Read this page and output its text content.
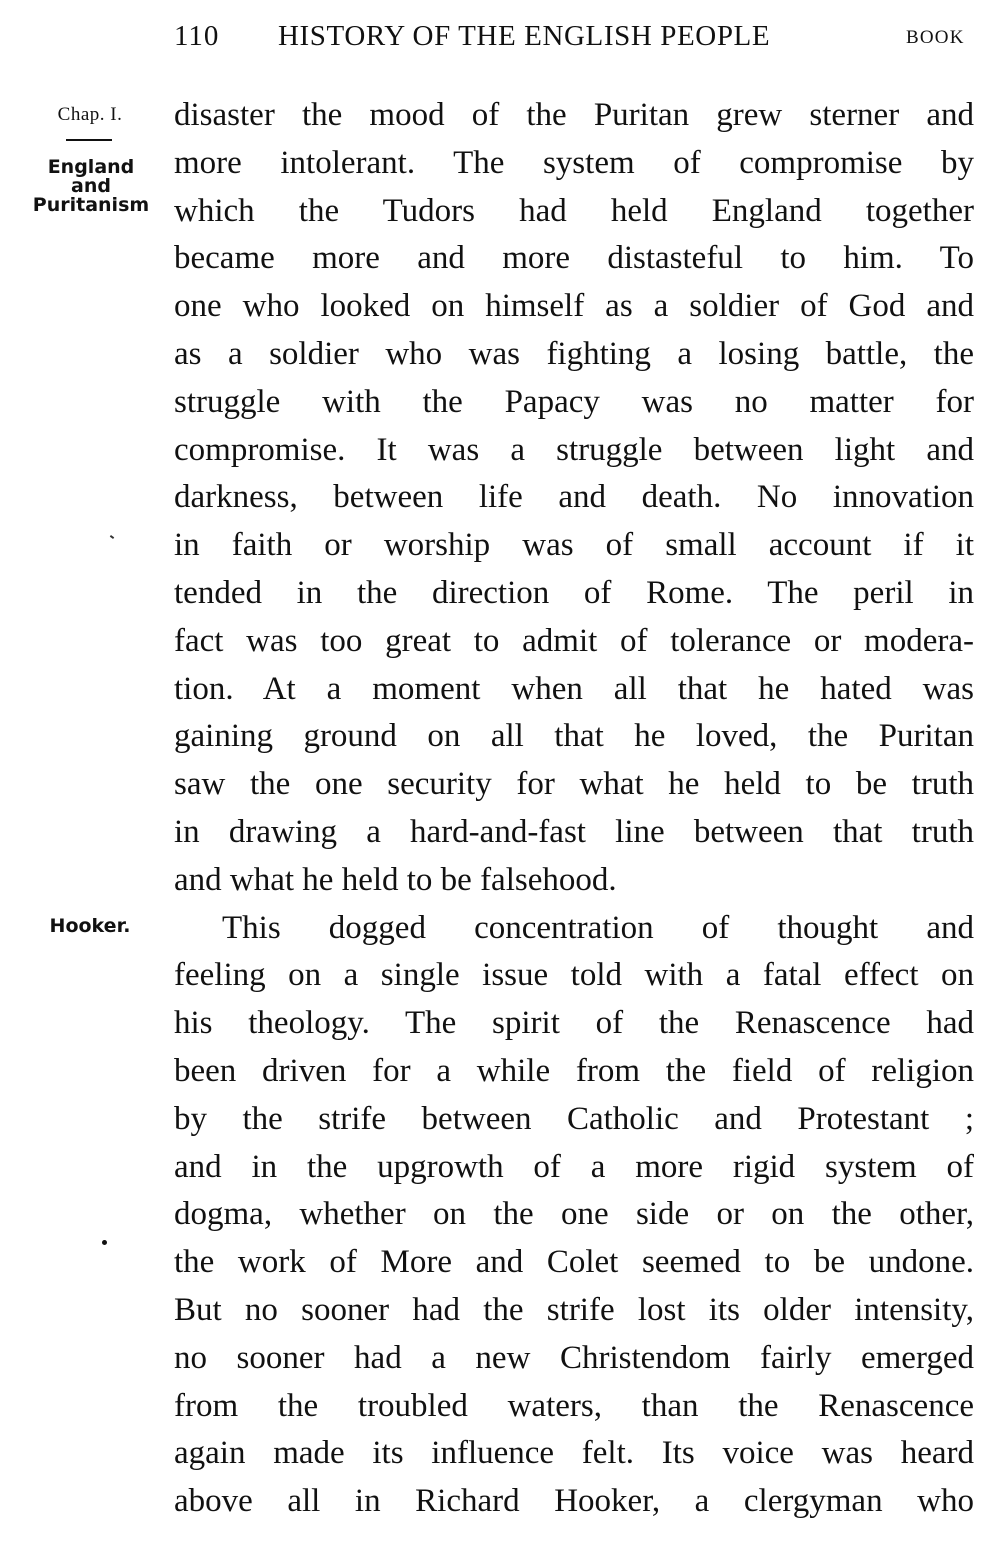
110 HISTORY OF THE ENGLISH PEOPLE	BOOK
Chap. I.
England
and
Puritanism
Hooker.
disaster the mood of the Puritan grew sterner and
more intolerant. The system of compromise by
which the Tudors had held England together
became more and more distasteful to him. To
one who looked on himself as a soldier of God and
as a soldier who was fighting a losing battle, the
struggle with the Papacy was no matter for
compromise. It was a struggle between light and
darkness, between life and death. No innovation
in faith or worship was of small account if it
tended in the direction of Rome. The peril in
fact was too great to admit of tolerance or modera-
tion. At a moment when all that he hated was
gaining ground on all that he loved, the Puritan
saw the one security for what he held to be truth
in drawing a hard-and-fast line between that truth
and what he held to be falsehood.
This dogged concentration of thought and
feeling on a single issue told with a fatal effect on
his theology. The spirit of the Renascence had
been driven for a while from the field of religion
by the strife between Catholic and Protestant ;
and in the upgrowth of a more rigid system of
dogma, whether on the one side or on the other,
the work of More and Colet seemed to be undone.
But no sooner had the strife lost its older intensity,
no sooner had a new Christendom fairly emerged
from the troubled waters, than the Renascence
again made its influence felt. Its voice was heard
above all in Richard Hooker, a clergyman who
